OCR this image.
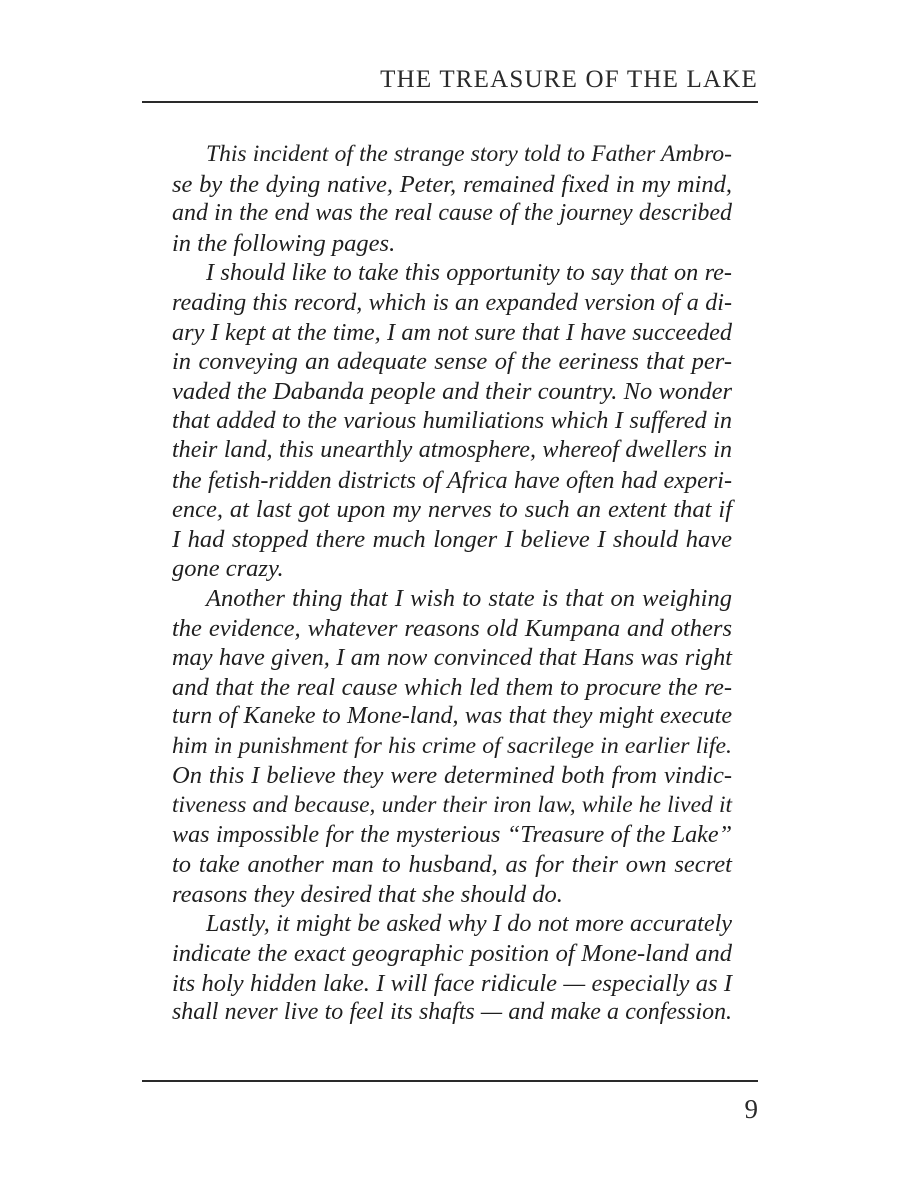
THE TREASURE OF THE LAKE
This incident of the strange story told to Father Ambro-
se by the dying native, Peter, remained fixed in my mind,
and in the end was the real cause of the journey described
in the following pages.
I should like to take this opportunity to say that on re-
reading this record, which is an expanded version of a di-
ary I kept at the time, I am not sure that I have succeeded
in conveying an adequate sense of the eeriness that per-
vaded the Dabanda people and their country. No wonder
that added to the various humiliations which I suffered in
their land, this unearthly atmosphere, whereof dwellers in
the fetish-ridden districts of Africa have often had experi-
ence, at last got upon my nerves to such an extent that if
I had stopped there much longer I believe I should have
gone crazy.
Another thing that I wish to state is that on weighing
the evidence, whatever reasons old Kumpana and others
may have given, I am now convinced that Hans was right
and that the real cause which led them to procure the re-
turn of Kaneke to Mone-land, was that they might execute
him in punishment for his crime of sacrilege in earlier life.
On this I believe they were determined both from vindic-
tiveness and because, under their iron law, while he lived it
was impossible for the mysterious “Treasure of the Lake”
to take another man to husband, as for their own secret
reasons they desired that she should do.
Lastly, it might be asked why I do not more accurately
indicate the exact geographic position of Mone-land and
its holy hidden lake. I will face ridicule — especially as I
shall never live to feel its shafts — and make a confession.
9
